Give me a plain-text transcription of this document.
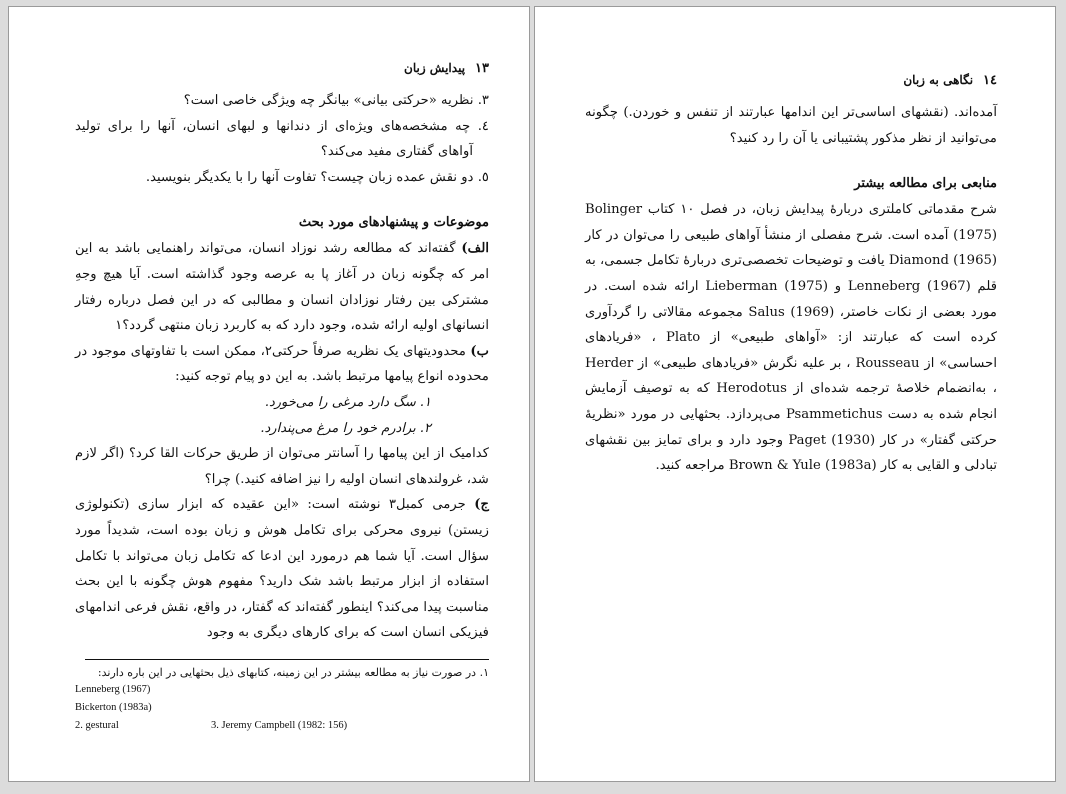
۱۳
پیدایش زبان

۳. نظریه «حرکتی بیانی» بیانگر چه ویژگی خاصی است؟

٤. چه مشخصه‌های ویژه‌ای از دندانها و لبهای انسان، آنها را برای تولید آواهای گفتاری مفید می‌کند؟

٥. دو نقش عمده زبان چیست؟ تفاوت آنها را با یکدیگر بنویسید.

موضوعات و پیشنهادهای مورد بحث

الف) گفته‌اند که مطالعه رشد نوزاد انسان، می‌تواند راهنمایی باشد به این امر که چگونه زبان در آغاز پا به عرصه وجود گذاشته است. آیا هیچ وجهِ مشترکی بین رفتار نوزادان انسان و مطالبی که در این فصل درباره رفتار انسانهای اولیه ارائه شده، وجود دارد که به کاربرد زبان منتهی گردد؟۱

ب) محدودیتهای یک نظریه صرفاً حرکتی۲، ممکن است با تفاوتهای موجود در محدوده انواع پیامها مرتبط باشد. به این دو پیام توجه کنید:

۱. سگ دارد مرغی را می‌خورد.

۲. برادرم خود را مرغ می‌پندارد.

کدامیک از این پیامها را آسانتر می‌توان از طریق حرکات القا کرد؟ (اگر لازم شد، غرولندهای انسان اولیه را نیز اضافه کنید.) چرا؟

ج) جرمی کمبل۳ نوشته است: «این عقیده که ابزار سازی (تکنولوژی زیستن) نیروی محرکی برای تکامل هوش و زبان بوده است، شدیداً مورد سؤال است. آیا شما هم درمورد این ادعا که تکامل زبان می‌تواند با تکامل استفاده از ابزار مرتبط باشد شک دارید؟ مفهوم هوش چگونه با این بحث مناسبت پیدا می‌کند؟ اینطور گفته‌اند که گفتار، در واقع، نقش فرعی اندامهای فیزیکی انسان است که برای کارهای دیگری به وجود

۱. در صورت نیاز به مطالعه بیشتر در این زمینه، کتابهای ذیل بحثهایی در این باره دارند:

Lenneberg (1967)

Bickerton (1983a)

2. gestural	3. Jeremy Campbell (1982: 156)

١٤
نگاهی به زبان

آمده‌اند. (نقشهای اساسی‌تر این اندامها عبارتند از تنفس و خوردن.) چگونه می‌توانید از نظر مذکور پشتیبانی یا آن را رد کنید؟

منابعی برای مطالعه بیشتر

شرح مقدماتی کاملتری دربارهٔ پیدایش زبان، در فصل ۱۰ کتاب Bolinger (1975) آمده است. شرح مفصلی از منشأ آواهای طبیعی را می‌توان در کار Diamond (1965) یافت و توضیحات تخصصی‌تری دربارهٔ تکامل جسمی، به قلم Lenneberg (1967) و Lieberman (1975) ارائه شده است. در مورد بعضی از نکات خاصتر، Salus (1969) مجموعه مقالاتی را گردآوری کرده است که عبارتند از: «آواهای طبیعی» از Plato ، «فریادهای احساسی» از Rousseau ، بر علیه نگرش «فریادهای طبیعی» از Herder ، به‌انضمام خلاصهٔ ترجمه شده‌ای از Herodotus که به توصیف آزمایش انجام شده به دست Psammetichus می‌پردازد. بحثهایی در مورد «نظریهٔ حرکتی گفتار» در کار Paget (1930) وجود دارد و برای تمایز بین نقشهای تبادلی و القایی به کار Brown & Yule (1983a) مراجعه کنید.
